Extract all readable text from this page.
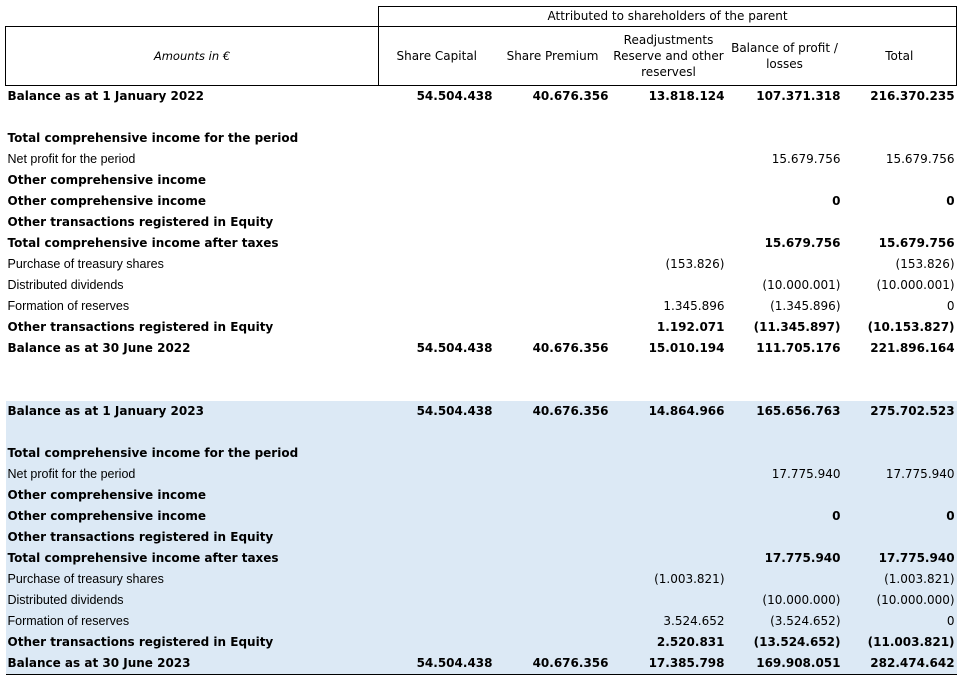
	Attributed to shareholders of the parent				
Amounts in €	Share Capital	Share Premium	Readjustments Reserve and other reservesl	Balance of profit / losses	Total
Balance as at 1 January 2022	54.504.438	40.676.356	13.818.124	107.371.318	216.370.235

Total comprehensive income for the period					
Net profit for the period				15.679.756	15.679.756
Other comprehensive income					
Other comprehensive income				0	0
Other transactions registered in Equity					
Total comprehensive income after taxes				15.679.756	15.679.756
Purchase of treasury shares			(153.826)		(153.826)
Distributed dividends				(10.000.001)	(10.000.001)
Formation of reserves			1.345.896	(1.345.896)	0
Other transactions registered in Equity			1.192.071	(11.345.897)	(10.153.827)
Balance as at 30 June 2022	54.504.438	40.676.356	15.010.194	111.705.176	221.896.164

Balance as at 1 January 2023	54.504.438	40.676.356	14.864.966	165.656.763	275.702.523

Total comprehensive income for the period					
Net profit for the period				17.775.940	17.775.940
Other comprehensive income					
Other comprehensive income				0	0
Other transactions registered in Equity					
Total comprehensive income after taxes				17.775.940	17.775.940
Purchase of treasury shares			(1.003.821)		(1.003.821)
Distributed dividends				(10.000.000)	(10.000.000)
Formation of reserves			3.524.652	(3.524.652)	0
Other transactions registered in Equity			2.520.831	(13.524.652)	(11.003.821)
Balance as at 30 June 2023	54.504.438	40.676.356	17.385.798	169.908.051	282.474.642
